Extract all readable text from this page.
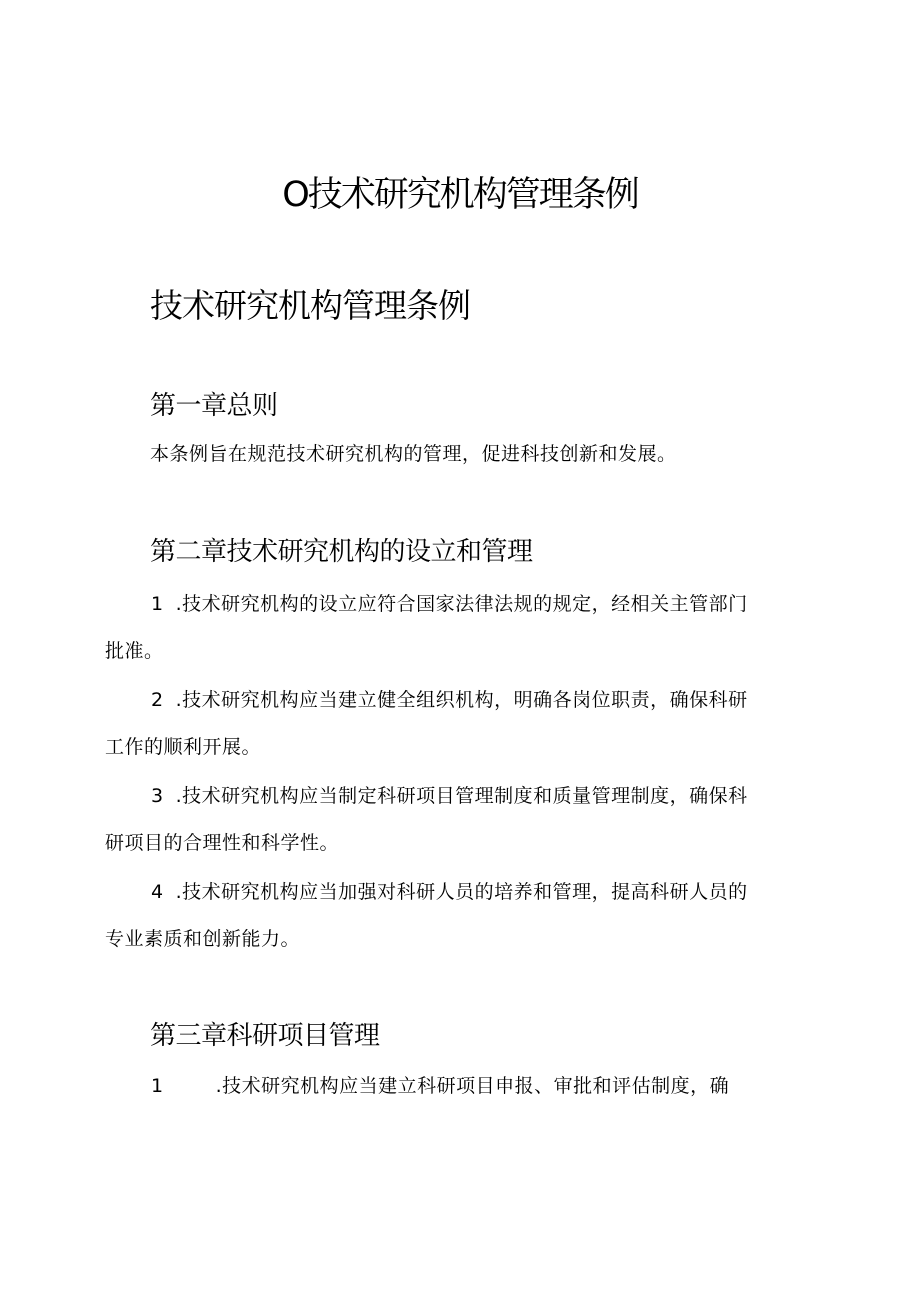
O技术研究机构管理条例
技术研究机构管理条例
第一章总则

本条例旨在规范技术研究机构的管理，促进科技创新和发展。

第二章技术研究机构的设立和管理

1 .技术研究机构的设立应符合国家法律法规的规定，经相关主管部门
批准。

2 .技术研究机构应当建立健全组织机构，明确各岗位职责，确保科研
工作的顺利开展。

3 .技术研究机构应当制定科研项目管理制度和质量管理制度，确保科
研项目的合理性和科学性。

4 .技术研究机构应当加强对科研人员的培养和管理，提高科研人员的
专业素质和创新能力。

第三章科研项目管理

1	.技术研究机构应当建立科研项目申报、审批和评估制度，确
